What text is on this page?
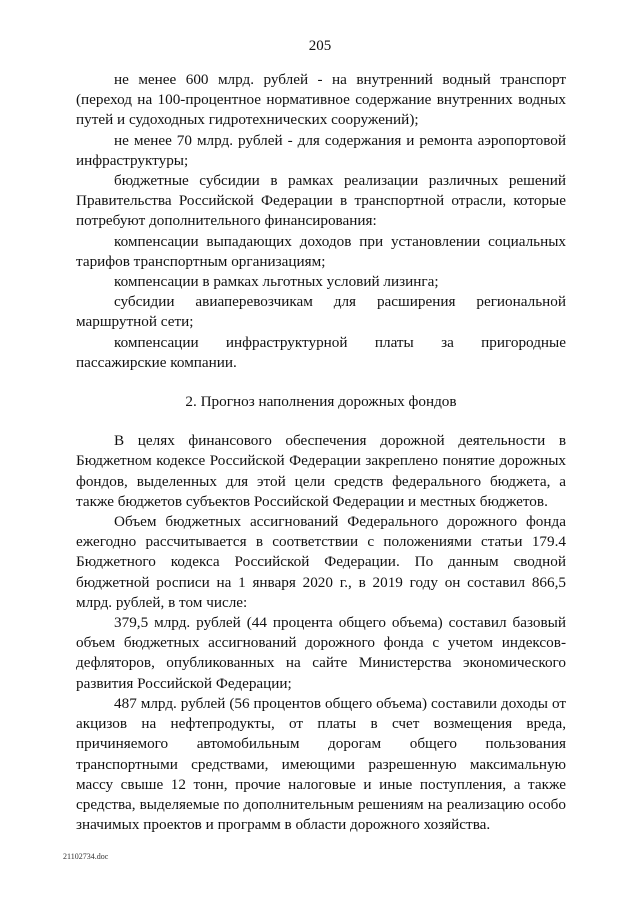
205

не менее 600 млрд. рублей - на внутренний водный транспорт (переход на 100-процентное нормативное содержание внутренних водных путей и судоходных гидротехнических сооружений);

не менее 70 млрд. рублей - для содержания и ремонта аэропортовой инфраструктуры;

бюджетные субсидии в рамках реализации различных решений Правительства Российской Федерации в транспортной отрасли, которые потребуют дополнительного финансирования:

компенсации выпадающих доходов при установлении социальных тарифов транспортным организациям;

компенсации в рамках льготных условий лизинга;

субсидии авиаперевозчикам для расширения региональной маршрутной сети;

компенсации инфраструктурной платы за пригородные пассажирские компании.

2. Прогноз наполнения дорожных фондов

В целях финансового обеспечения дорожной деятельности в Бюджетном кодексе Российской Федерации закреплено понятие дорожных фондов, выделенных для этой цели средств федерального бюджета, а также бюджетов субъектов Российской Федерации и местных бюджетов.

Объем бюджетных ассигнований Федерального дорожного фонда ежегодно рассчитывается в соответствии с положениями статьи 179.4 Бюджетного кодекса Российской Федерации. По данным сводной бюджетной росписи на 1 января 2020 г., в 2019 году он составил 866,5 млрд. рублей, в том числе:

379,5 млрд. рублей (44 процента общего объема) составил базовый объем бюджетных ассигнований дорожного фонда с учетом индексов-дефляторов, опубликованных на сайте Министерства экономического развития Российской Федерации;

487 млрд. рублей (56 процентов общего объема) составили доходы от акцизов на нефтепродукты, от платы в счет возмещения вреда, причиняемого автомобильным дорогам общего пользования транспортными средствами, имеющими разрешенную максимальную массу свыше 12 тонн, прочие налоговые и иные поступления, а также средства, выделяемые по дополнительным решениям на реализацию особо значимых проектов и программ в области дорожного хозяйства.

21102734.doc
